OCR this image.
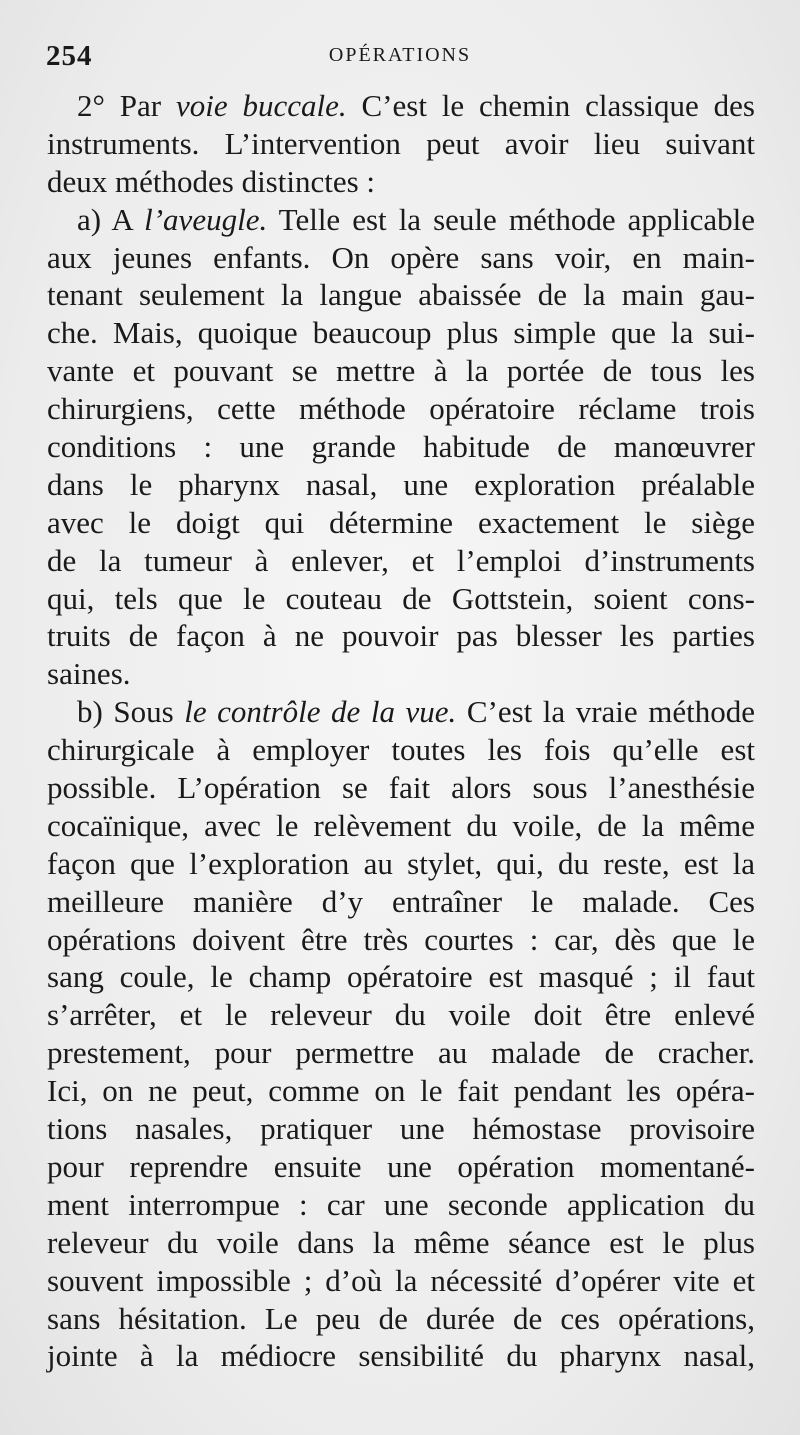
254	OPÉRATIONS
2° Par voie buccale. C’est le chemin classique des
instruments. L’intervention peut avoir lieu suivant
deux méthodes distinctes :
a) A l’aveugle. Telle est la seule méthode applicable
aux jeunes enfants. On opère sans voir, en main-
tenant seulement la langue abaissée de la main gau-
che. Mais, quoique beaucoup plus simple que la sui-
vante et pouvant se mettre à la portée de tous les
chirurgiens, cette méthode opératoire réclame trois
conditions : une grande habitude de manœuvrer
dans le pharynx nasal, une exploration préalable
avec le doigt qui détermine exactement le siège
de la tumeur à enlever, et l’emploi d’instruments
qui, tels que le couteau de Gottstein, soient cons-
truits de façon à ne pouvoir pas blesser les parties
saines.
b) Sous le contrôle de la vue. C’est la vraie méthode
chirurgicale à employer toutes les fois qu’elle est
possible. L’opération se fait alors sous l’anesthésie
cocaïnique, avec le relèvement du voile, de la même
façon que l’exploration au stylet, qui, du reste, est la
meilleure manière d’y entraîner le malade. Ces
opérations doivent être très courtes : car, dès que le
sang coule, le champ opératoire est masqué ; il faut
s’arrêter, et le releveur du voile doit être enlevé
prestement, pour permettre au malade de cracher.
Ici, on ne peut, comme on le fait pendant les opéra-
tions nasales, pratiquer une hémostase provisoire
pour reprendre ensuite une opération momentané-
ment interrompue : car une seconde application du
releveur du voile dans la même séance est le plus
souvent impossible ; d’où la nécessité d’opérer vite et
sans hésitation. Le peu de durée de ces opérations,
jointe à la médiocre sensibilité du pharynx nasal,
